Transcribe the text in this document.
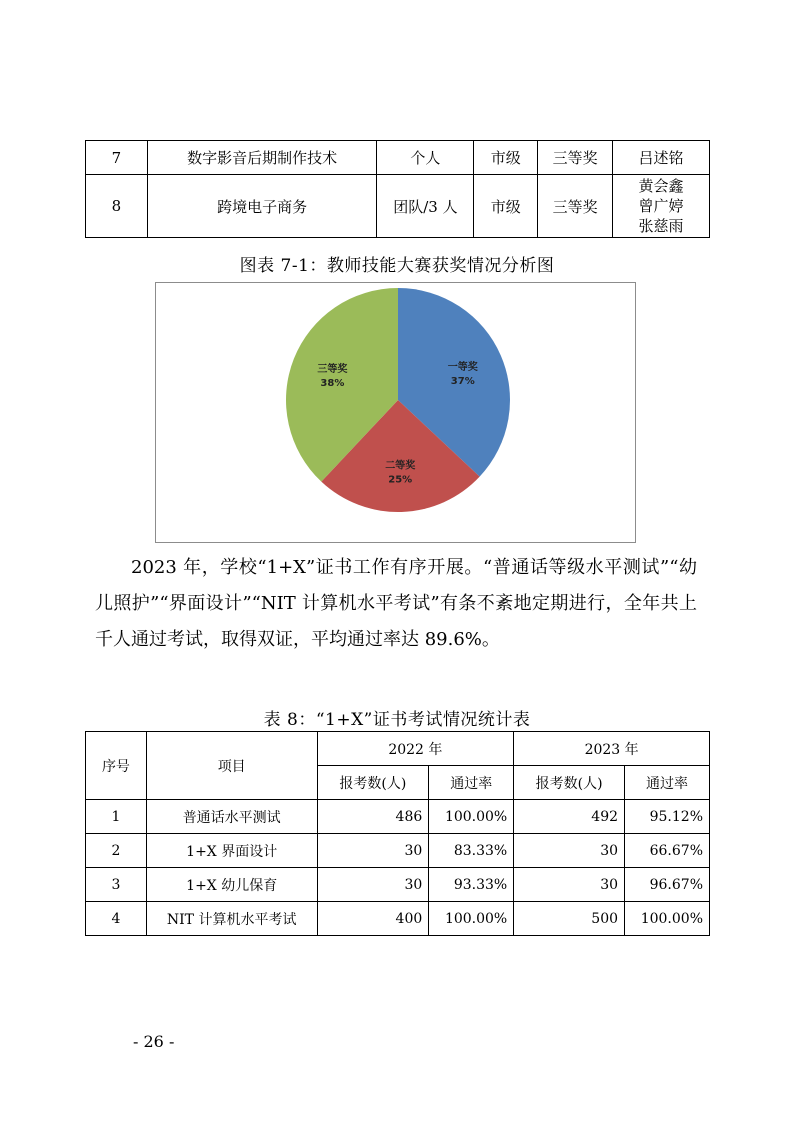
7	数字影音后期制作技术	个人	市级	三等奖	吕述铭
8	跨境电子商务	团队/3 人	市级	三等奖	黄会鑫
曾广婷
张慈雨
图表 7-1：教师技能大赛获奖情况分析图
一等奖
37%
二等奖
25%
三等奖
38%
2023 年，学校“1+X”证书工作有序开展。“普通话等级水平测试”“幼儿照护”“界面设计”“NIT 计算机水平考试”有条不紊地定期进行，全年共上千人通过考试，取得双证，平均通过率达 89.6%。
表 8：“1+X”证书考试情况统计表
序号	项目	2022 年		2023 年	
		报考数(人)	通过率	报考数(人)	通过率
1	普通话水平测试	486	100.00%	492	95.12%
2	1+X 界面设计	30	83.33%	30	66.67%
3	1+X 幼儿保育	30	93.33%	30	96.67%
4	NIT 计算机水平考试	400	100.00%	500	100.00%
- 26 -
